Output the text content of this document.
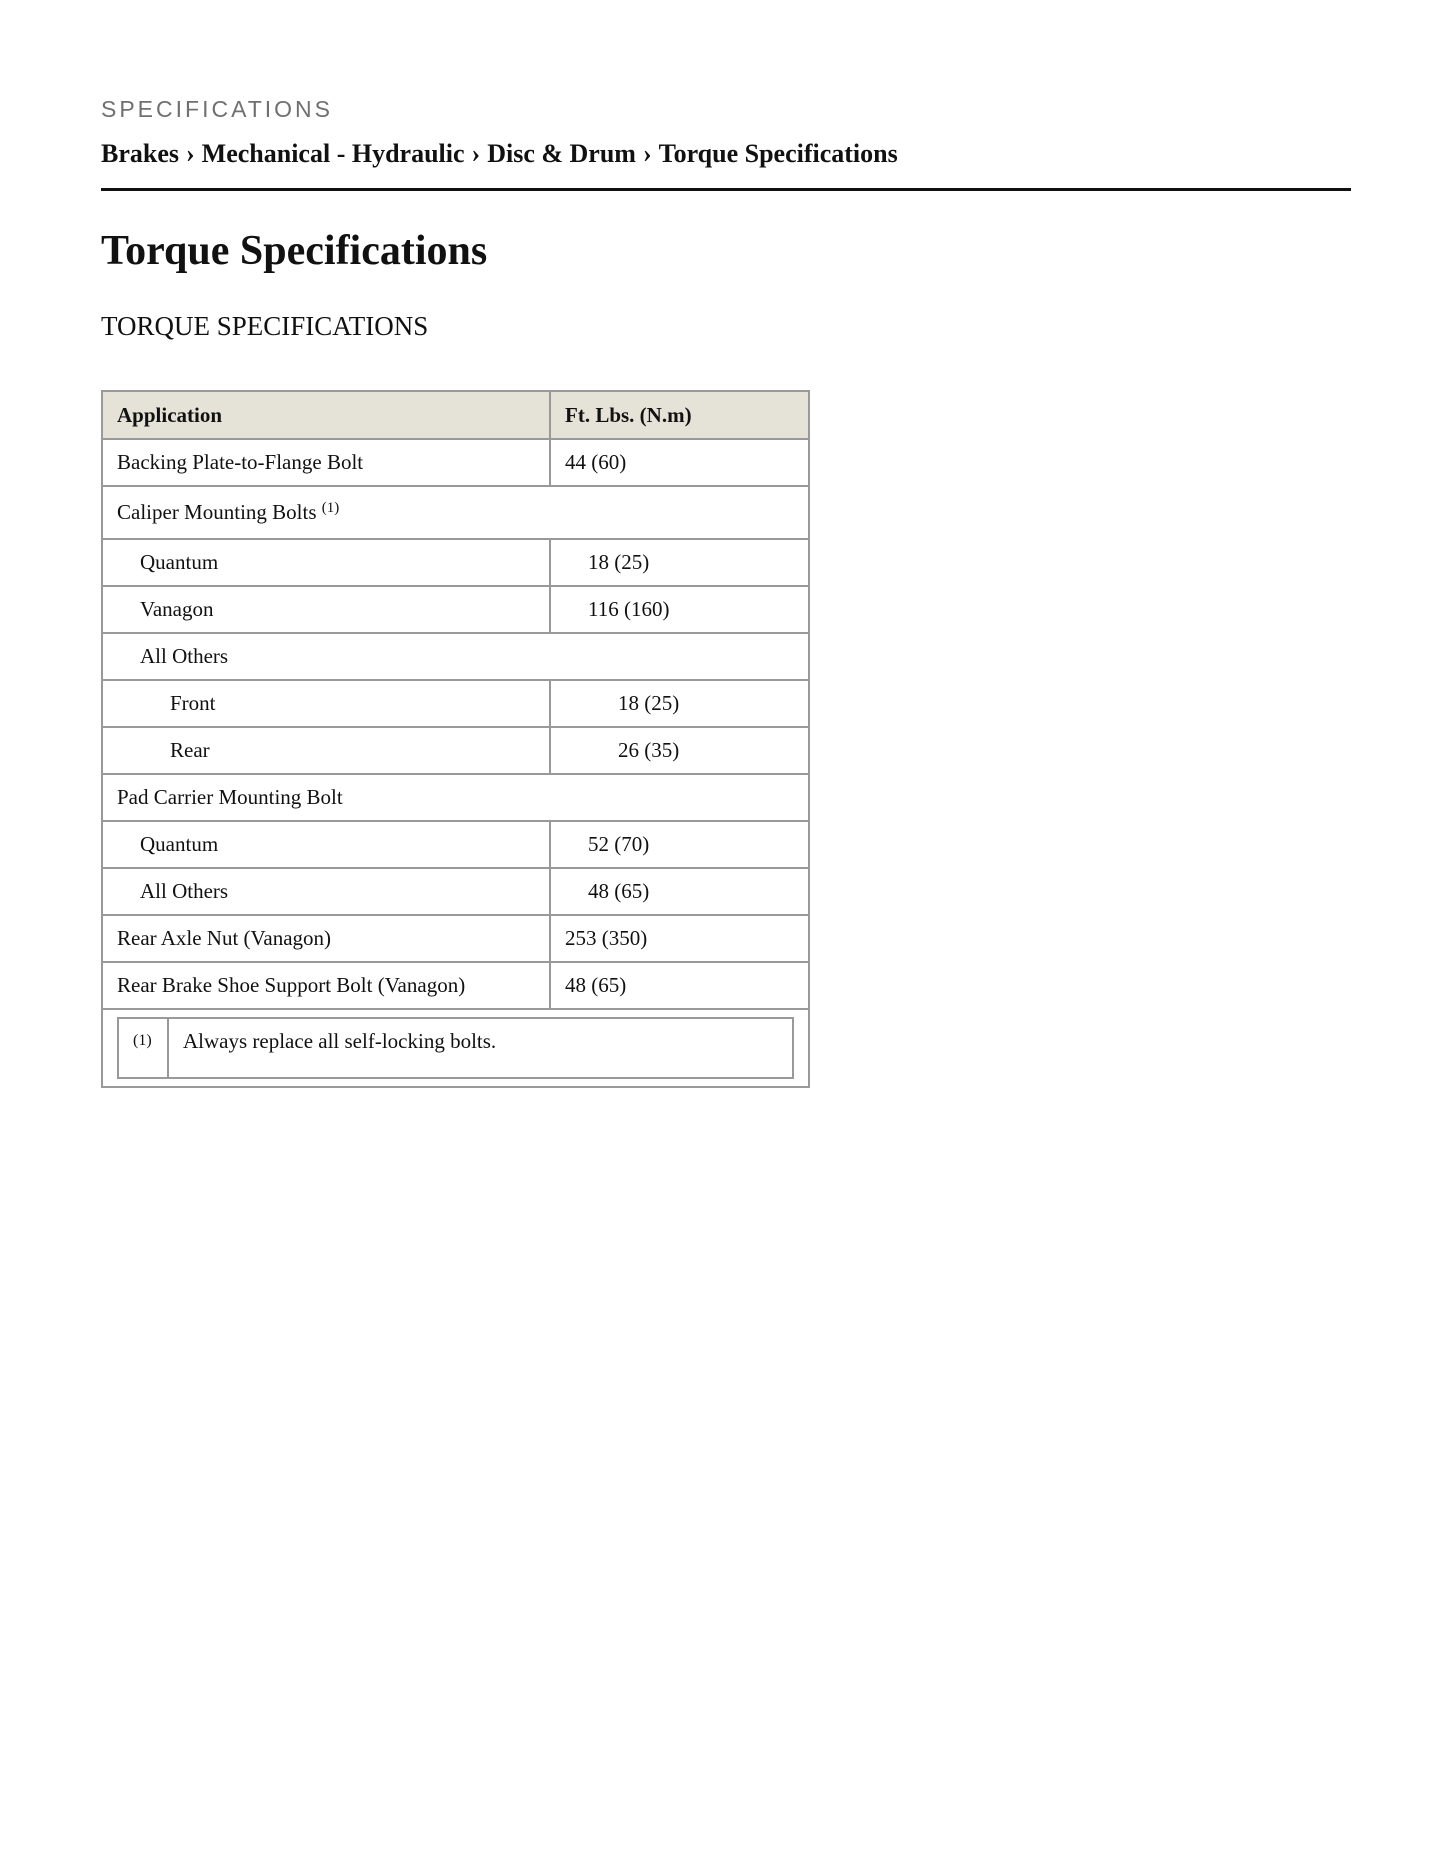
SPECIFICATIONS
Brakes › Mechanical - Hydraulic › Disc & Drum › Torque Specifications
Torque Specifications
TORQUE SPECIFICATIONS
Application	Ft. Lbs. (N.m)
Backing Plate-to-Flange Bolt	44 (60)
Caliper Mounting Bolts $^{(1)}$
Quantum	18 (25)
Vanagon	116 (160)
All Others
Front	18 (25)
Rear	26 (35)
Pad Carrier Mounting Bolt
Quantum	52 (70)
All Others	48 (65)
Rear Axle Nut (Vanagon)	253 (350)
Rear Brake Shoe Support Bolt (Vanagon)	48 (65)

(1)	Always replace all self-locking bolts.
